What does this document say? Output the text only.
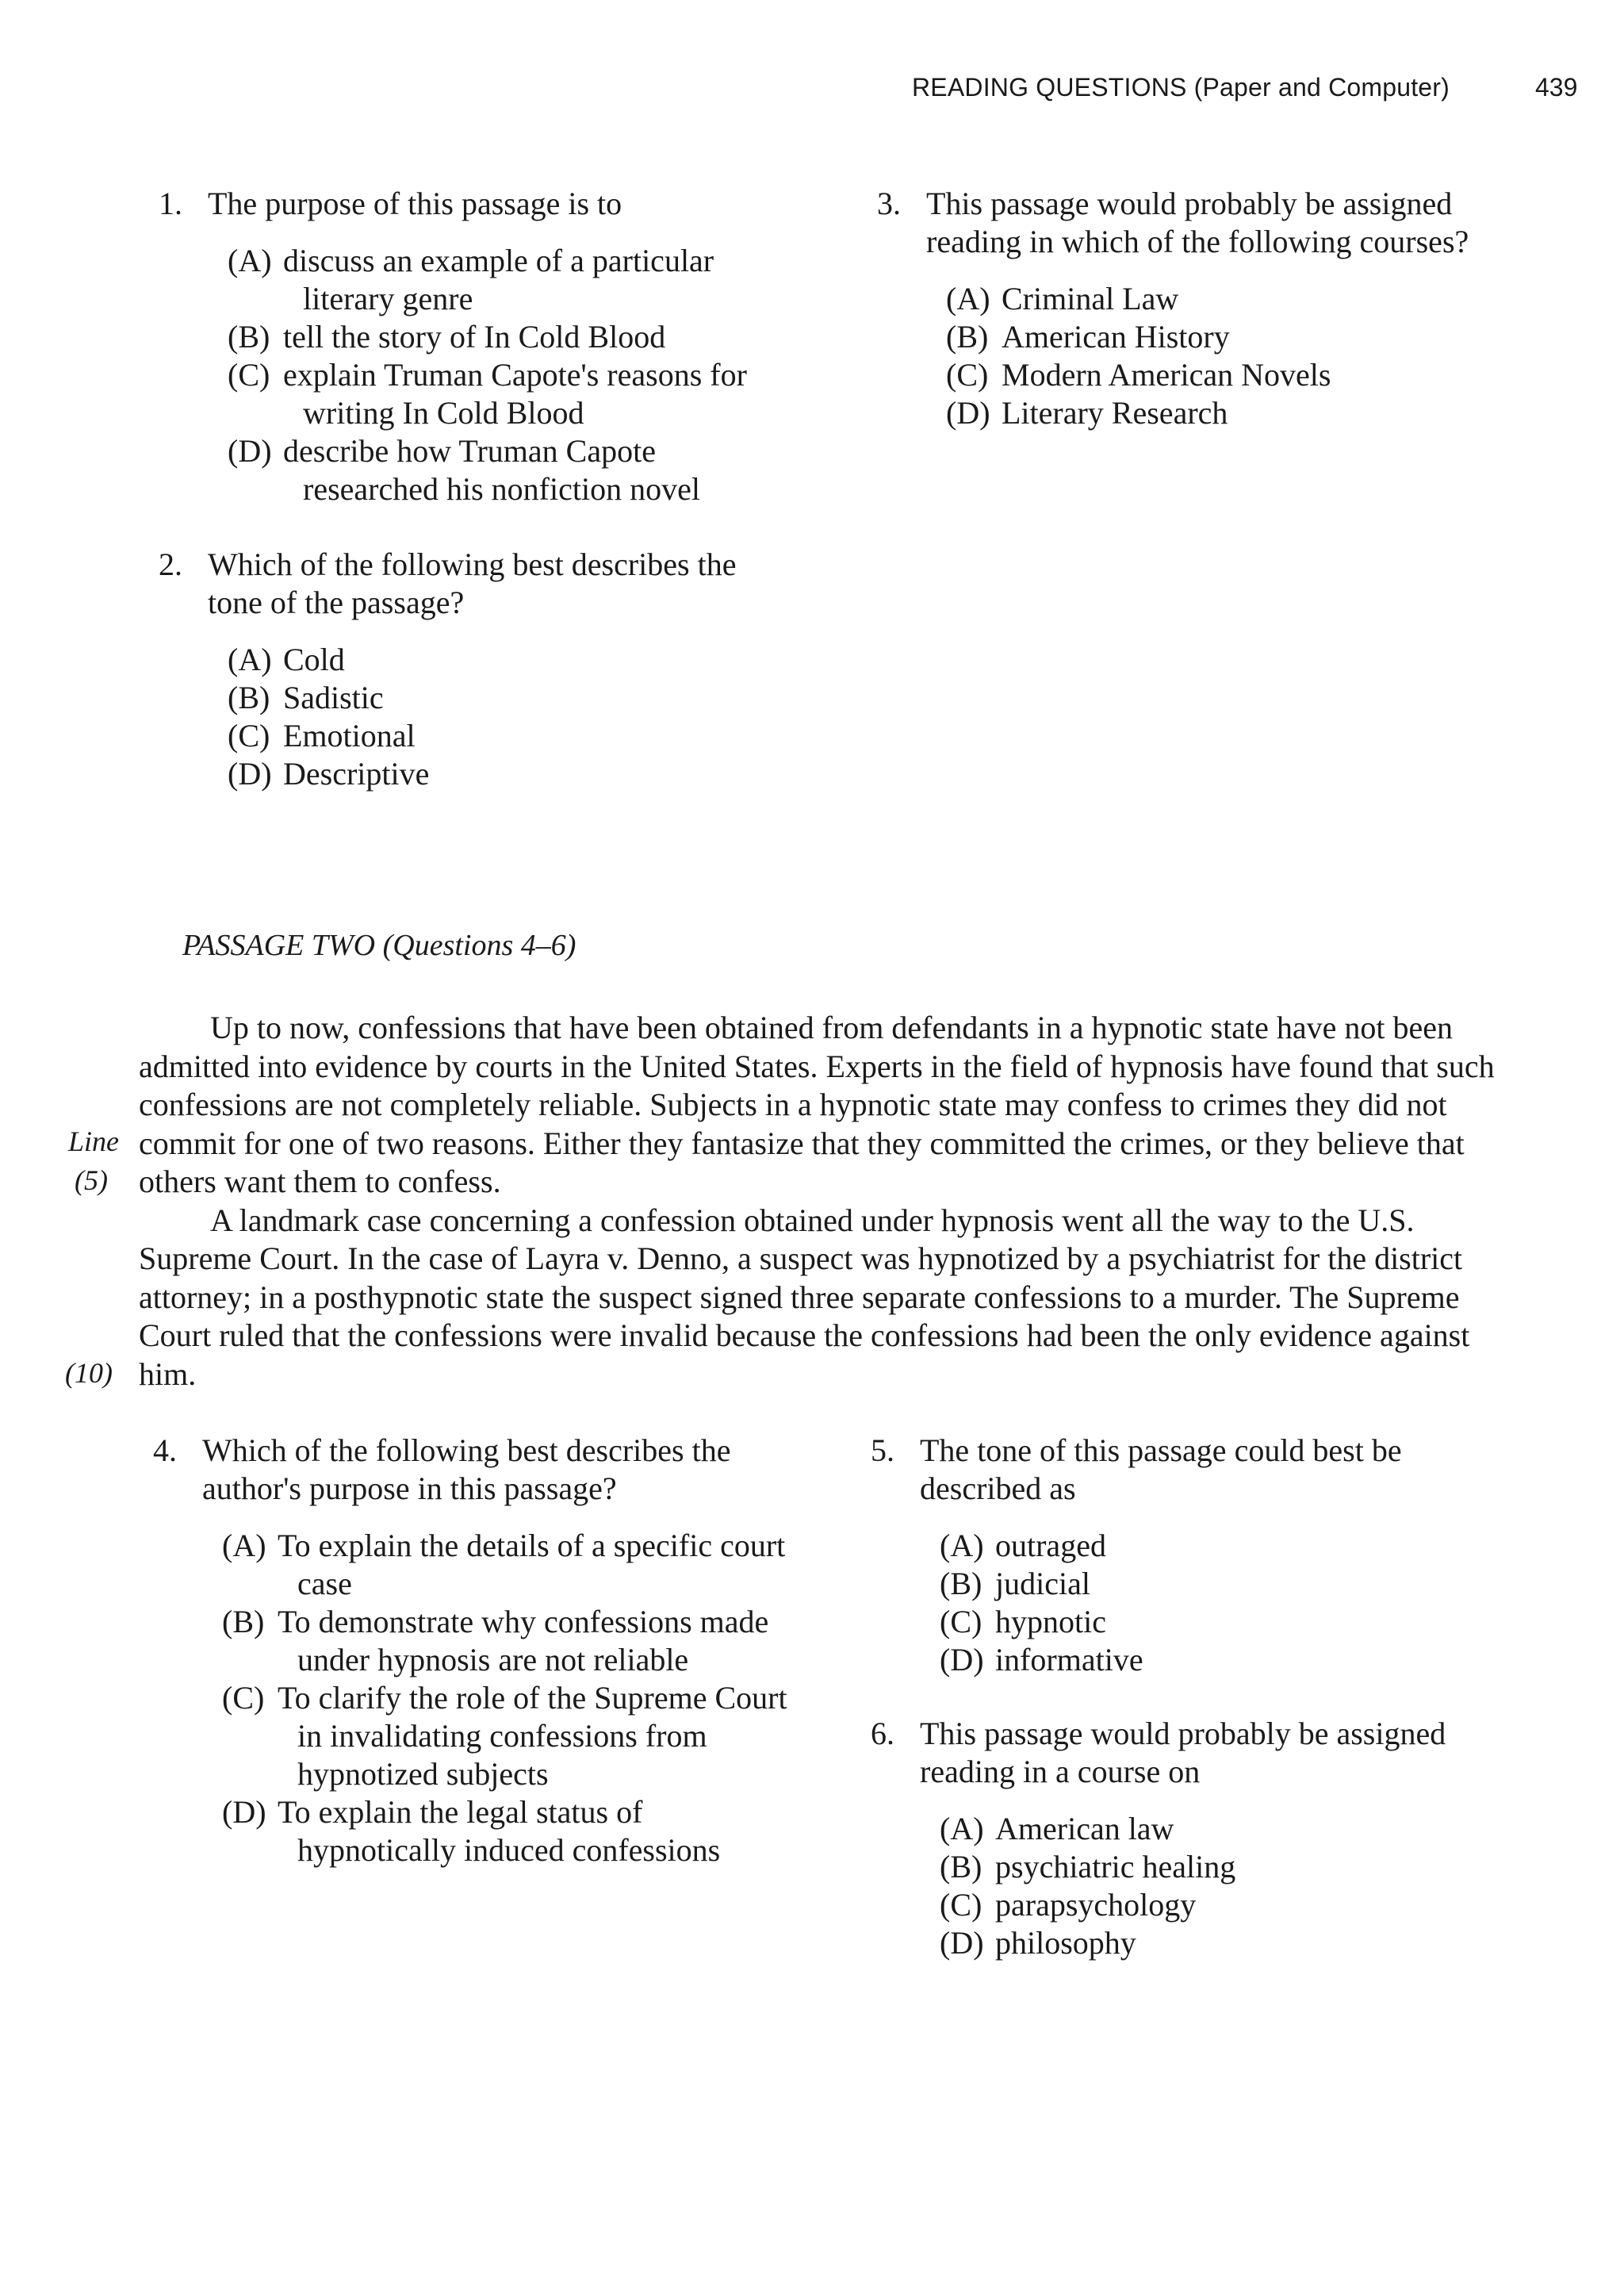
READING QUESTIONS (Paper and Computer)	439
1. The purpose of this passage is to
(A) discuss an example of a particular literary genre
(B) tell the story of In Cold Blood
(C) explain Truman Capote's reasons for writing In Cold Blood
(D) describe how Truman Capote researched his nonfiction novel
2. Which of the following best describes the tone of the passage?
(A) Cold
(B) Sadistic
(C) Emotional
(D) Descriptive
3. This passage would probably be assigned reading in which of the following courses?
(A) Criminal Law
(B) American History
(C) Modern American Novels
(D) Literary Research
PASSAGE TWO (Questions 4–6)
Line
(5)
(10)

Up to now, confessions that have been obtained from defendants in a hypnotic state have not been admitted into evidence by courts in the United States. Experts in the field of hypnosis have found that such confessions are not completely reliable. Subjects in a hypnotic state may confess to crimes they did not commit for one of two reasons. Either they fantasize that they committed the crimes, or they believe that others want them to confess.

A landmark case concerning a confession obtained under hypnosis went all the way to the U.S. Supreme Court. In the case of Layra v. Denno, a suspect was hypnotized by a psychiatrist for the district attorney; in a posthypnotic state the suspect signed three separate confessions to a murder. The Supreme Court ruled that the confessions were invalid because the confessions had been the only evidence against him.

4. Which of the following best describes the author's purpose in this passage?
(A) To explain the details of a specific court case
(B) To demonstrate why confessions made under hypnosis are not reliable
(C) To clarify the role of the Supreme Court in invalidating confessions from hypnotized subjects
(D) To explain the legal status of hypnotically induced confessions
5. The tone of this passage could best be described as
(A) outraged
(B) judicial
(C) hypnotic
(D) informative
6. This passage would probably be assigned reading in a course on
(A) American law
(B) psychiatric healing
(C) parapsychology
(D) philosophy
